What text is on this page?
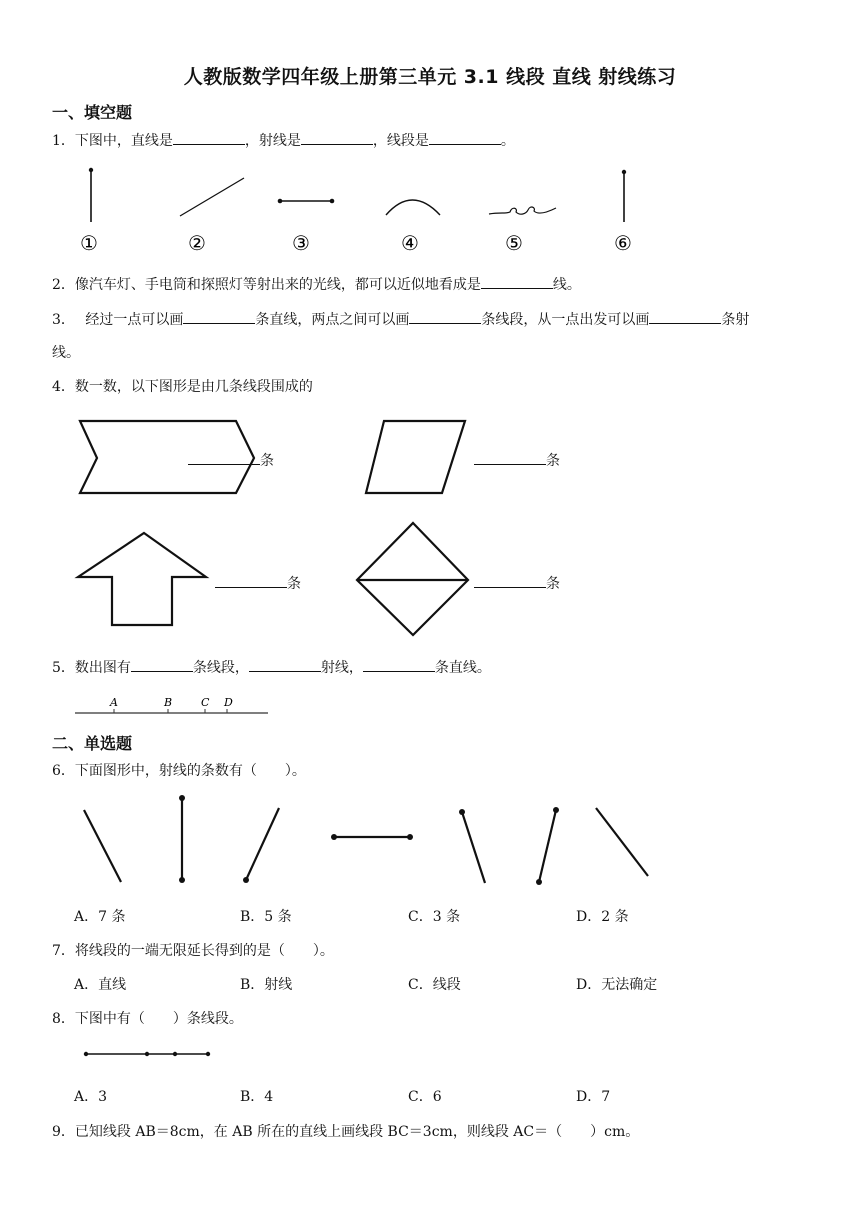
人教版数学四年级上册第三单元 3.1 线段 直线 射线练习
一、填空题
1．下图中，直线是	，射线是	，线段是	。
①	②	③	④	⑤	⑥
2．像汽车灯、手电筒和探照灯等射出来的光线，都可以近似地看成是	线。
3． 经过一点可以画	条直线，两点之间可以画	条线段，从一点出发可以画	条射
线。
4．数一数，以下图形是由几条线段围成的
条	条
条	条
5．数出图有	条线段，	射线，	条直线。
A	B	C D
二、单选题
6．下面图形中，射线的条数有（　　）。
A．7 条	B．5 条	C．3 条	D．2 条
7．将线段的一端无限延长得到的是（　　）。
A．直线	B．射线	C．线段	D．无法确定
8．下图中有（　　）条线段。
A．3	B．4	C．6	D．7
9．已知线段 AB＝8cm，在 AB 所在的直线上画线段 BC＝3cm，则线段 AC＝（　　）cm。
